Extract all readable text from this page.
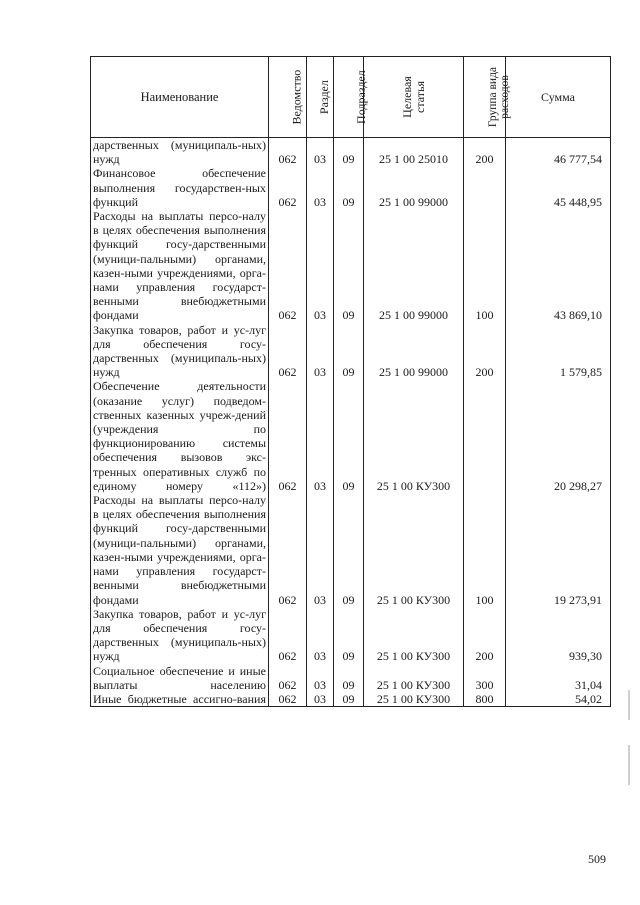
Наименование	Ведомство	Раздел	Подраздел	Целевая статья	Группа вида расходов	Сумма
дарственных (муниципаль-ных) нужд	062	03	09	25 1 00 25010	200	46 777,54
Финансовое обеспечение выполнения государствен-ных функций	062	03	09	25 1 00 99000		45 448,95
Расходы на выплаты персо-налу в целях обеспечения выполнения функций госу-дарственными (муници-пальными) органами, казен-ными учреждениями, орга-нами управления государст-венными внебюджетными фондами	062	03	09	25 1 00 99000	100	43 869,10
Закупка товаров, работ и ус-луг для обеспечения госу-дарственных (муниципаль-ных) нужд	062	03	09	25 1 00 99000	200	1 579,85
Обеспечение деятельности (оказание услуг) подведом-ственных казенных учреж-дений (учреждения по функционированию системы обеспечения вызовов экс-тренных оперативных служб по единому номеру «112»)	062	03	09	25 1 00 КУ300		20 298,27
Расходы на выплаты персо-налу в целях обеспечения выполнения функций госу-дарственными (муници-пальными) органами, казен-ными учреждениями, орга-нами управления государст-венными внебюджетными фондами	062	03	09	25 1 00 КУ300	100	19 273,91
Закупка товаров, работ и ус-луг для обеспечения госу-дарственных (муниципаль-ных) нужд	062	03	09	25 1 00 КУ300	200	939,30
Социальное обеспечение и иные выплаты населению	062	03	09	25 1 00 КУ300	300	31,04
Иные бюджетные ассигно-вания	062	03	09	25 1 00 КУ300	800	54,02
509
